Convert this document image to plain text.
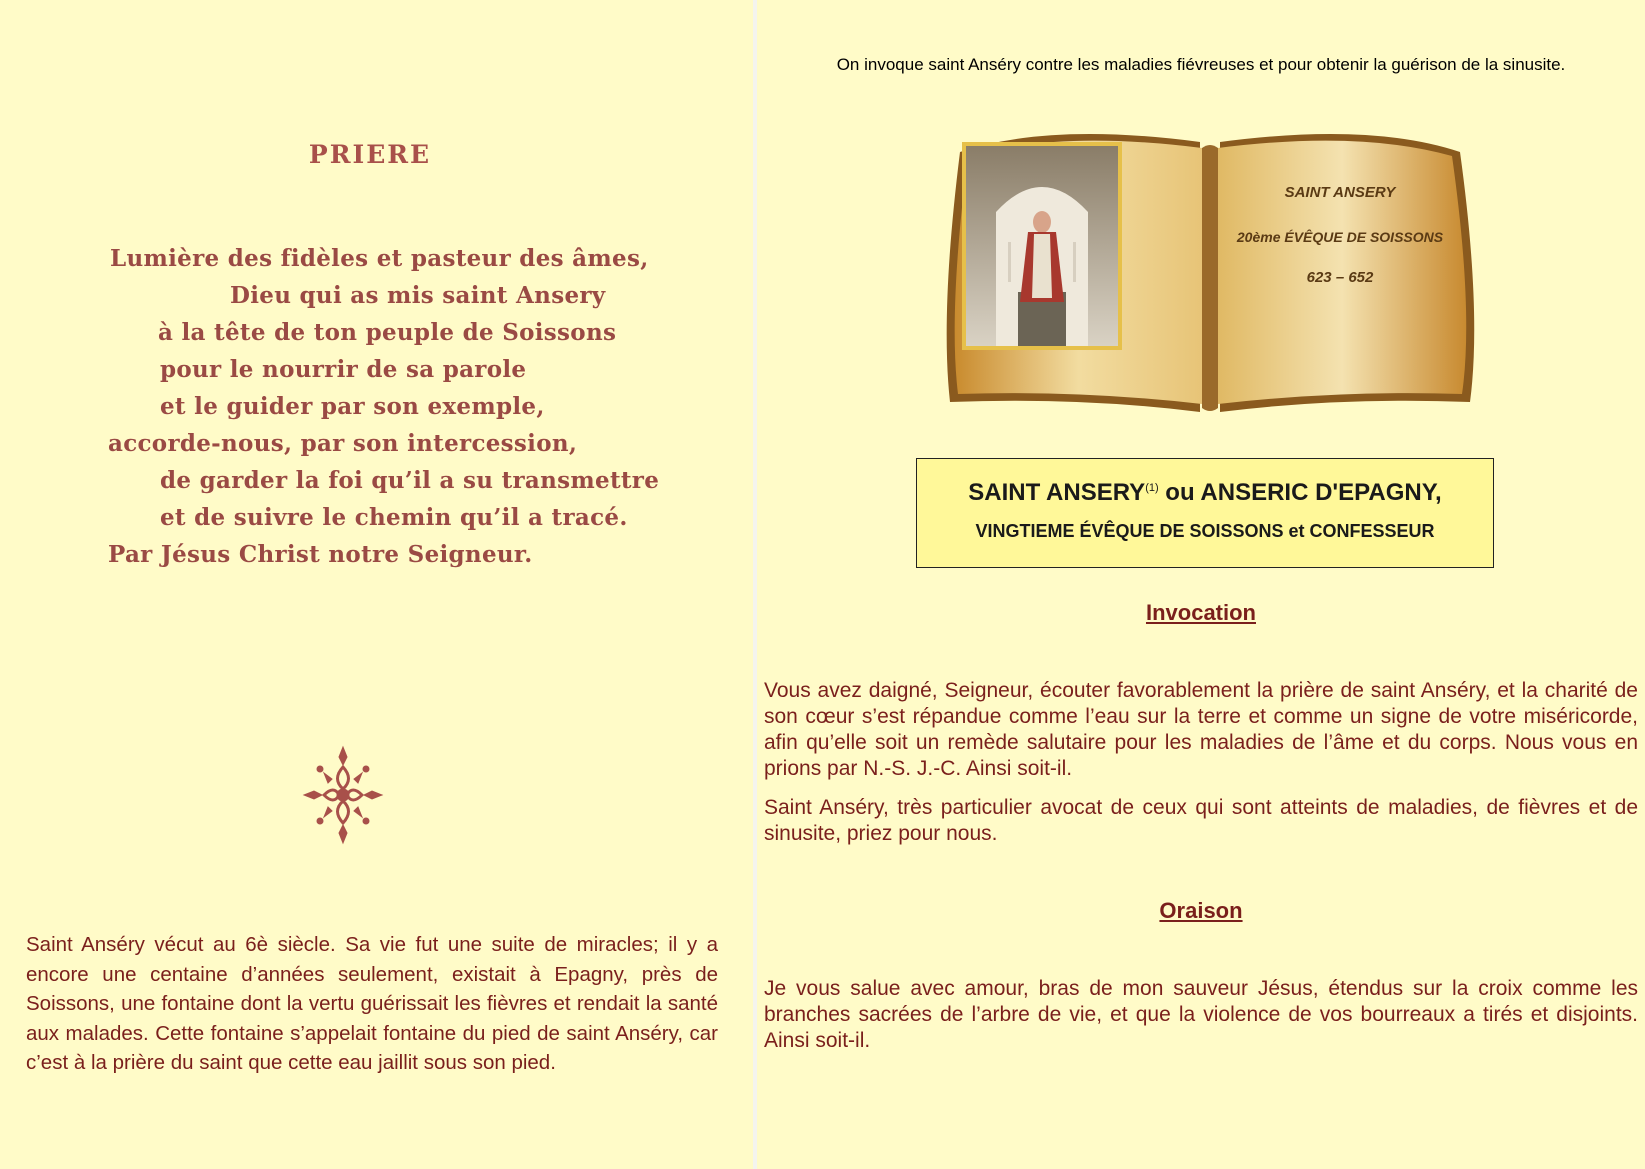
PRIERE
Lumière des fidèles et pasteur des âmes,
Dieu qui as mis saint Ansery
à la tête de ton peuple de Soissons
pour le nourrir de sa parole
et le guider par son exemple,
accorde-nous, par son intercession,
de garder la foi qu’il a su transmettre
et de suivre le chemin qu’il a tracé.
Par Jésus Christ notre Seigneur.
Saint Anséry vécut au 6è siècle. Sa vie fut une suite de miracles; il y a encore une centaine d’années seulement, existait à Epagny, près de Soissons, une fontaine dont la vertu guérissait les fièvres et rendait la santé aux malades. Cette fontaine s’appelait fontaine du pied de saint Anséry, car c’est à la prière du saint que cette eau jaillit sous son pied.
On invoque saint Anséry contre les maladies fiévreuses et pour obtenir la guérison de la sinusite.
SAINT ANSERY
20ème ÉVÊQUE DE SOISSONS
623 – 652
SAINT ANSERY$^{(1)}$ ou ANSERIC D'EPAGNY,
VINGTIEME ÉVÊQUE DE SOISSONS et CONFESSEUR
Invocation
Vous avez daigné, Seigneur, écouter favorablement la prière de saint Anséry, et la charité de son cœur s’est répandue comme l’eau sur la terre et comme un signe de votre miséricorde, afin qu’elle soit un remède salutaire pour les maladies de l’âme et du corps. Nous vous en prions par N.-S. J.-C. Ainsi soit-il.
Saint Anséry, très particulier avocat de ceux qui sont atteints de maladies, de fièvres et de sinusite, priez pour nous.
Oraison
Je vous salue avec amour, bras de mon sauveur Jésus, étendus sur la croix comme les branches sacrées de l’arbre de vie, et que la violence de vos bourreaux a tirés et disjoints. Ainsi soit-il.
